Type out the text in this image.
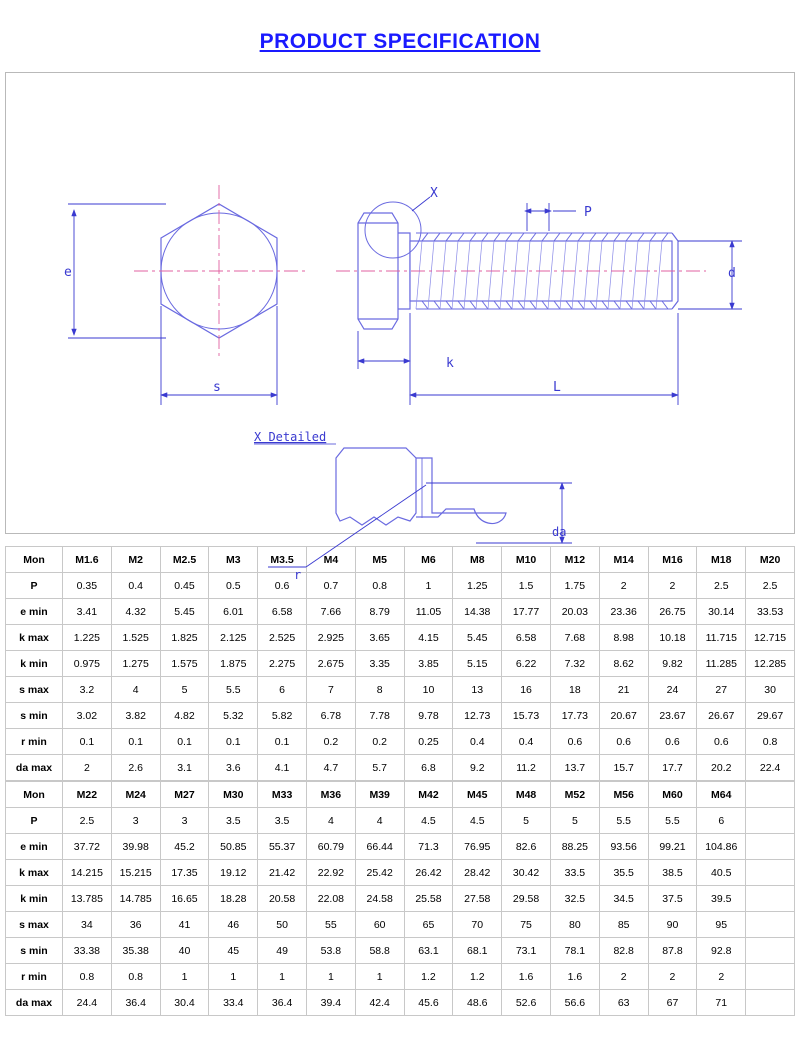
PRODUCT SPECIFICATION
e
s
X
P
d
k
L
X Detailed
da
r
Mon	M1.6	M2	M2.5	M3	M3.5	M4	M5	M6	M8	M10	M12	M14	M16	M18	M20
P	0.35	0.4	0.45	0.5	0.6	0.7	0.8	1	1.25	1.5	1.75	2	2	2.5	2.5
e min	3.41	4.32	5.45	6.01	6.58	7.66	8.79	11.05	14.38	17.77	20.03	23.36	26.75	30.14	33.53
k max	1.225	1.525	1.825	2.125	2.525	2.925	3.65	4.15	5.45	6.58	7.68	8.98	10.18	11.715	12.715
k min	0.975	1.275	1.575	1.875	2.275	2.675	3.35	3.85	5.15	6.22	7.32	8.62	9.82	11.285	12.285
s max	3.2	4	5	5.5	6	7	8	10	13	16	18	21	24	27	30
s min	3.02	3.82	4.82	5.32	5.82	6.78	7.78	9.78	12.73	15.73	17.73	20.67	23.67	26.67	29.67
r min	0.1	0.1	0.1	0.1	0.1	0.2	0.2	0.25	0.4	0.4	0.6	0.6	0.6	0.6	0.8
da max	2	2.6	3.1	3.6	4.1	4.7	5.7	6.8	9.2	11.2	13.7	15.7	17.7	20.2	22.4
Mon	M22	M24	M27	M30	M33	M36	M39	M42	M45	M48	M52	M56	M60	M64	
P	2.5	3	3	3.5	3.5	4	4	4.5	4.5	5	5	5.5	5.5	6	
e min	37.72	39.98	45.2	50.85	55.37	60.79	66.44	71.3	76.95	82.6	88.25	93.56	99.21	104.86	
k max	14.215	15.215	17.35	19.12	21.42	22.92	25.42	26.42	28.42	30.42	33.5	35.5	38.5	40.5	
k min	13.785	14.785	16.65	18.28	20.58	22.08	24.58	25.58	27.58	29.58	32.5	34.5	37.5	39.5	
s max	34	36	41	46	50	55	60	65	70	75	80	85	90	95	
s min	33.38	35.38	40	45	49	53.8	58.8	63.1	68.1	73.1	78.1	82.8	87.8	92.8	
r min	0.8	0.8	1	1	1	1	1	1.2	1.2	1.6	1.6	2	2	2	
da max	24.4	36.4	30.4	33.4	36.4	39.4	42.4	45.6	48.6	52.6	56.6	63	67	71	
